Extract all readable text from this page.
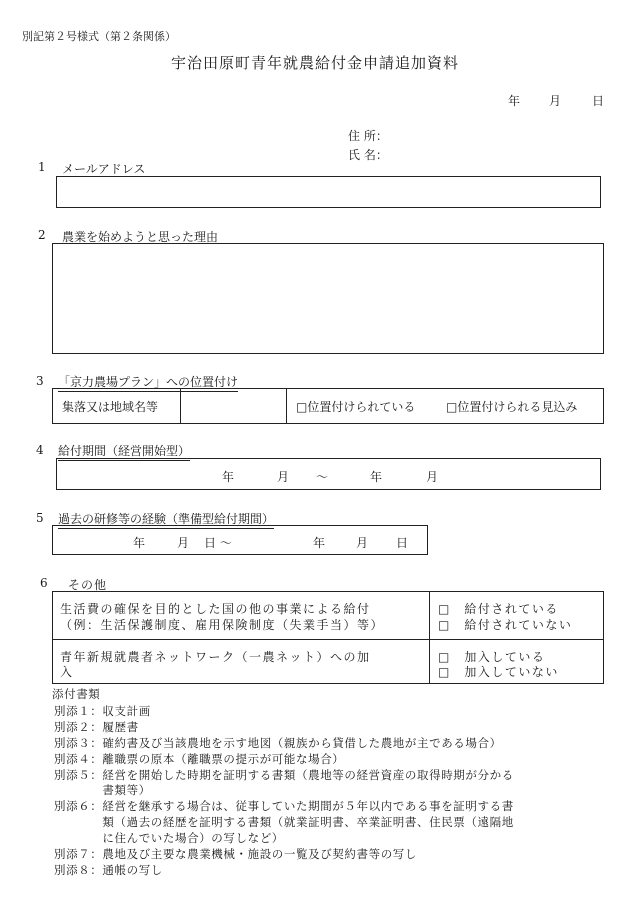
別記第２号様式（第２条関係）
宇治田原町青年就農給付金申請追加資料
年 月	日
住 所：
氏 名：
1 メールアドレス
2 農業を始めようと思った理由
3 「京力農場プラン」への位置付け
集落又は地域名等	□位置付けられている	□位置付けられる見込み
4 給付期間（経営開始型）
年	月 ～	年	月
5 過去の研修等の経験（準備型給付期間）
年	月 日 ～	年	月 日
6 その他
生活費の確保を目的とした国の他の事業による給付
（例：生活保護制度、雇用保険制度（失業手当）等）
□　給付されている
□　給付されていない
青年新規就農者ネットワーク（一農ネット）への加
入
□　加入している
□　加入していない
添付書類
別添１：収支計画
別添２：履歴書
別添３：確約書及び当該農地を示す地図（親族から貸借した農地が主である場合）
別添４：離職票の原本（離職票の提示が可能な場合）
別添５：経営を開始した時期を証明する書類（農地等の経営資産の取得時期が分かる
　　　　書類等）
別添６：経営を継承する場合は、従事していた期間が５年以内である事を証明する書
　　　　類（過去の経歴を証明する書類（就業証明書、卒業証明書、住民票（遠隔地
　　　　に住んでいた場合）の写しなど）
別添７：農地及び主要な農業機械・施設の一覧及び契約書等の写し
別添８：通帳の写し
